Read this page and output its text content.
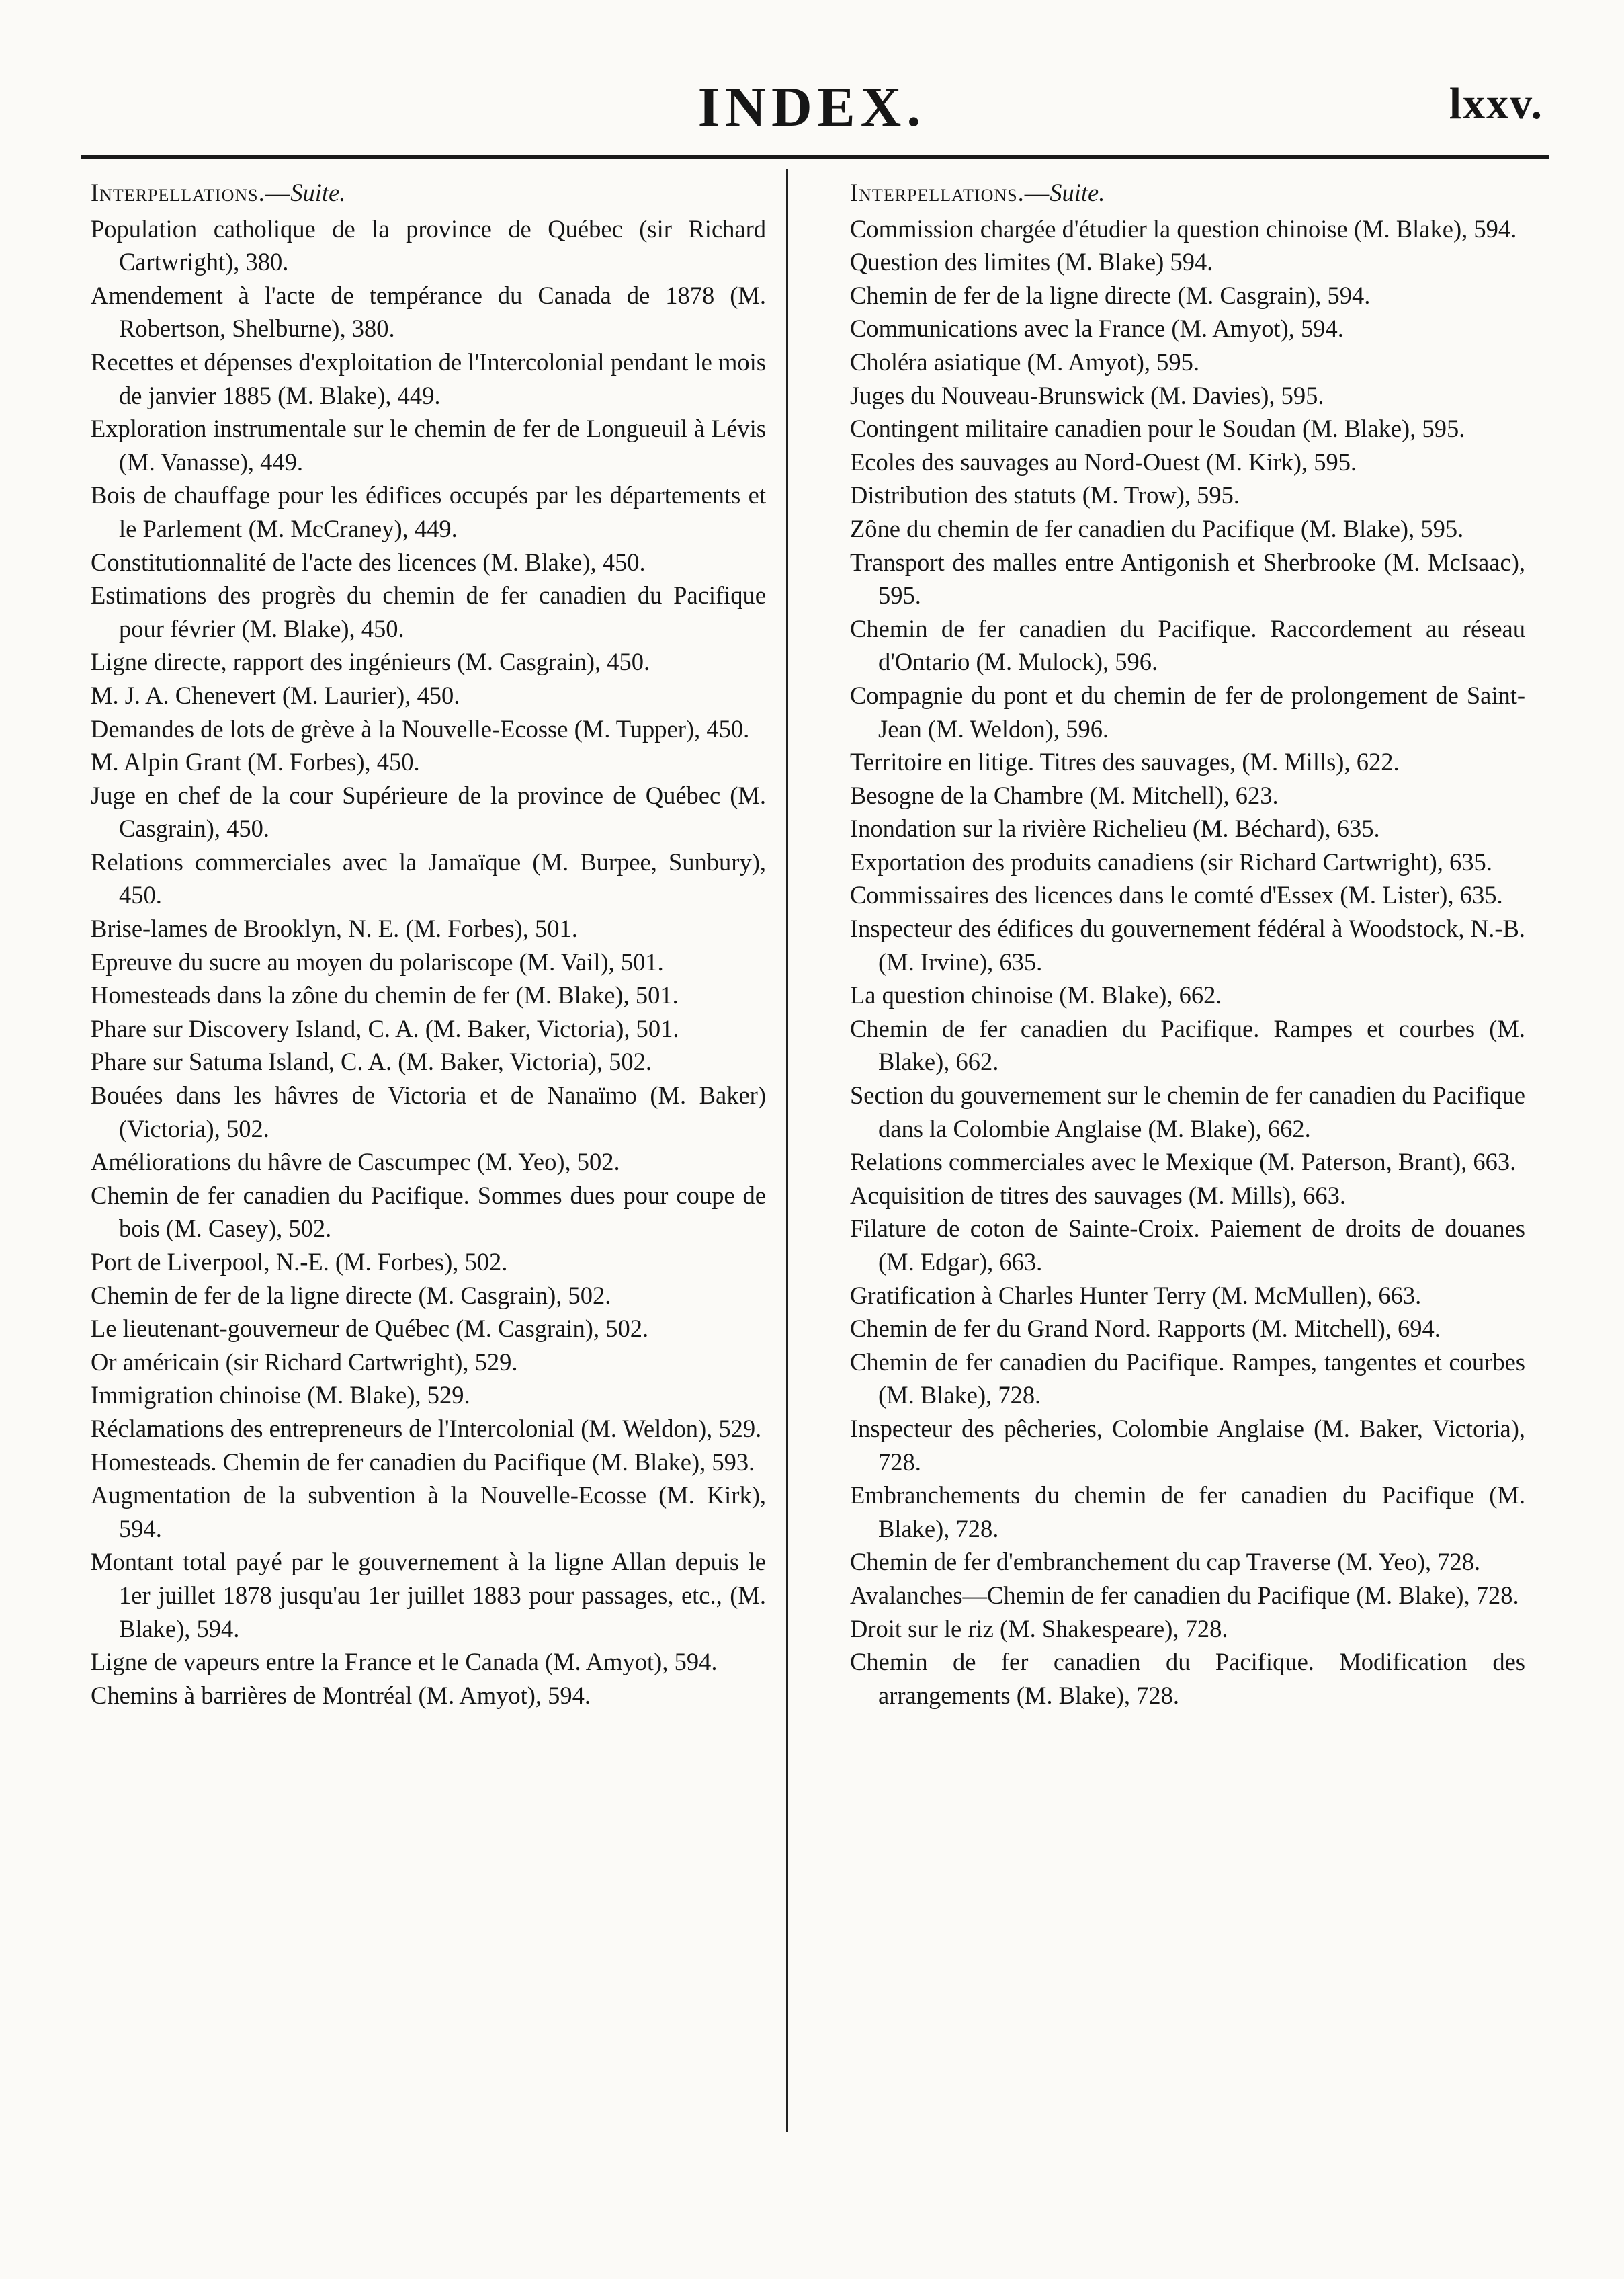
INDEX.	lxxv.

Interpellations.—Suite.

Population catholique de la province de Québec (sir Richard Cartwright), 380.

Amendement à l'acte de tempérance du Canada de 1878 (M. Robertson, Shelburne), 380.

Recettes et dépenses d'exploitation de l'Intercolonial pendant le mois de janvier 1885 (M. Blake), 449.

Exploration instrumentale sur le chemin de fer de Longueuil à Lévis (M. Vanasse), 449.

Bois de chauffage pour les édifices occupés par les départements et le Parlement (M. McCraney), 449.

Constitutionnalité de l'acte des licences (M. Blake), 450.

Estimations des progrès du chemin de fer canadien du Pacifique pour février (M. Blake), 450.

Ligne directe, rapport des ingénieurs (M. Casgrain), 450.

M. J. A. Chenevert (M. Laurier), 450.

Demandes de lots de grève à la Nouvelle-Ecosse (M. Tupper), 450.

M. Alpin Grant (M. Forbes), 450.

Juge en chef de la cour Supérieure de la province de Québec (M. Casgrain), 450.

Relations commerciales avec la Jamaïque (M. Burpee, Sunbury), 450.

Brise-lames de Brooklyn, N. E. (M. Forbes), 501.

Epreuve du sucre au moyen du polariscope (M. Vail), 501.

Homesteads dans la zône du chemin de fer (M. Blake), 501.

Phare sur Discovery Island, C. A. (M. Baker, Victoria), 501.

Phare sur Satuma Island, C. A. (M. Baker, Victoria), 502.

Bouées dans les hâvres de Victoria et de Nanaïmo (M. Baker) (Victoria), 502.

Améliorations du hâvre de Cascumpec (M. Yeo), 502.

Chemin de fer canadien du Pacifique. Sommes dues pour coupe de bois (M. Casey), 502.

Port de Liverpool, N.-E. (M. Forbes), 502.

Chemin de fer de la ligne directe (M. Casgrain), 502.

Le lieutenant-gouverneur de Québec (M. Casgrain), 502.

Or américain (sir Richard Cartwright), 529.

Immigration chinoise (M. Blake), 529.

Réclamations des entrepreneurs de l'Intercolonial (M. Weldon), 529.

Homesteads. Chemin de fer canadien du Pacifique (M. Blake), 593.

Augmentation de la subvention à la Nouvelle-Ecosse (M. Kirk), 594.

Montant total payé par le gouvernement à la ligne Allan depuis le 1er juillet 1878 jusqu'au 1er juillet 1883 pour passages, etc., (M. Blake), 594.

Ligne de vapeurs entre la France et le Canada (M. Amyot), 594.

Chemins à barrières de Montréal (M. Amyot), 594.

Interpellations.—Suite.

Commission chargée d'étudier la question chinoise (M. Blake), 594.

Question des limites (M. Blake) 594.

Chemin de fer de la ligne directe (M. Casgrain), 594.

Communications avec la France (M. Amyot), 594.

Choléra asiatique (M. Amyot), 595.

Juges du Nouveau-Brunswick (M. Davies), 595.

Contingent militaire canadien pour le Soudan (M. Blake), 595.

Ecoles des sauvages au Nord-Ouest (M. Kirk), 595.

Distribution des statuts (M. Trow), 595.

Zône du chemin de fer canadien du Pacifique (M. Blake), 595.

Transport des malles entre Antigonish et Sherbrooke (M. McIsaac), 595.

Chemin de fer canadien du Pacifique. Raccordement au réseau d'Ontario (M. Mulock), 596.

Compagnie du pont et du chemin de fer de prolongement de Saint-Jean (M. Weldon), 596.

Territoire en litige. Titres des sauvages, (M. Mills), 622.

Besogne de la Chambre (M. Mitchell), 623.

Inondation sur la rivière Richelieu (M. Béchard), 635.

Exportation des produits canadiens (sir Richard Cartwright), 635.

Commissaires des licences dans le comté d'Essex (M. Lister), 635.

Inspecteur des édifices du gouvernement fédéral à Woodstock, N.-B. (M. Irvine), 635.

La question chinoise (M. Blake), 662.

Chemin de fer canadien du Pacifique. Rampes et courbes (M. Blake), 662.

Section du gouvernement sur le chemin de fer canadien du Pacifique dans la Colombie Anglaise (M. Blake), 662.

Relations commerciales avec le Mexique (M. Paterson, Brant), 663.

Acquisition de titres des sauvages (M. Mills), 663.

Filature de coton de Sainte-Croix. Paiement de droits de douanes (M. Edgar), 663.

Gratification à Charles Hunter Terry (M. McMullen), 663.

Chemin de fer du Grand Nord. Rapports (M. Mitchell), 694.

Chemin de fer canadien du Pacifique. Rampes, tangentes et courbes (M. Blake), 728.

Inspecteur des pêcheries, Colombie Anglaise (M. Baker, Victoria), 728.

Embranchements du chemin de fer canadien du Pacifique (M. Blake), 728.

Chemin de fer d'embranchement du cap Traverse (M. Yeo), 728.

Avalanches—Chemin de fer canadien du Pacifique (M. Blake), 728.

Droit sur le riz (M. Shakespeare), 728.

Chemin de fer canadien du Pacifique. Modification des arrangements (M. Blake), 728.
